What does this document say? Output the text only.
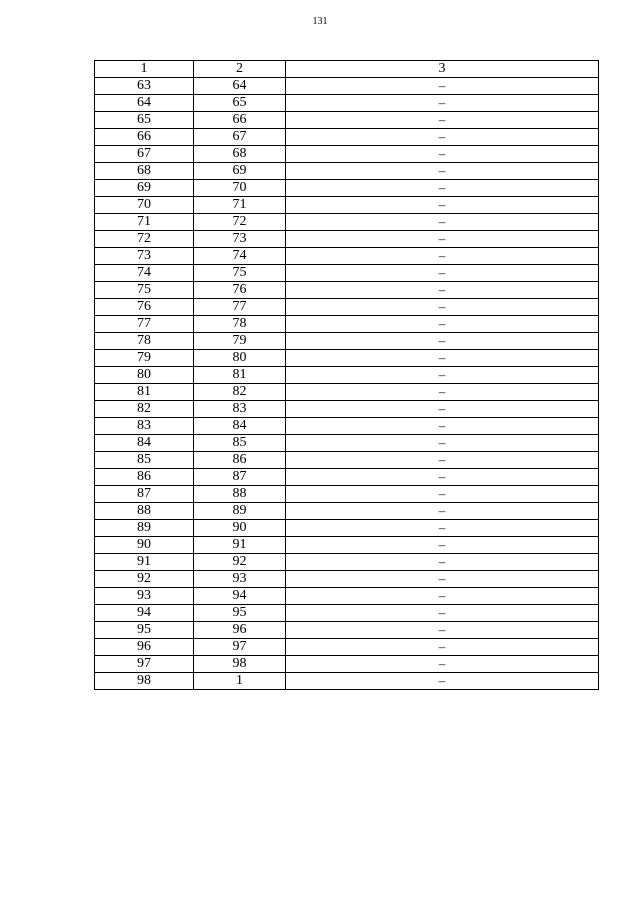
131
1	2	3
63	64	–
64	65	–
65	66	–
66	67	–
67	68	–
68	69	–
69	70	–
70	71	–
71	72	–
72	73	–
73	74	–
74	75	–
75	76	–
76	77	–
77	78	–
78	79	–
79	80	–
80	81	–
81	82	–
82	83	–
83	84	–
84	85	–
85	86	–
86	87	–
87	88	–
88	89	–
89	90	–
90	91	–
91	92	–
92	93	–
93	94	–
94	95	–
95	96	–
96	97	–
97	98	–
98	1	–
